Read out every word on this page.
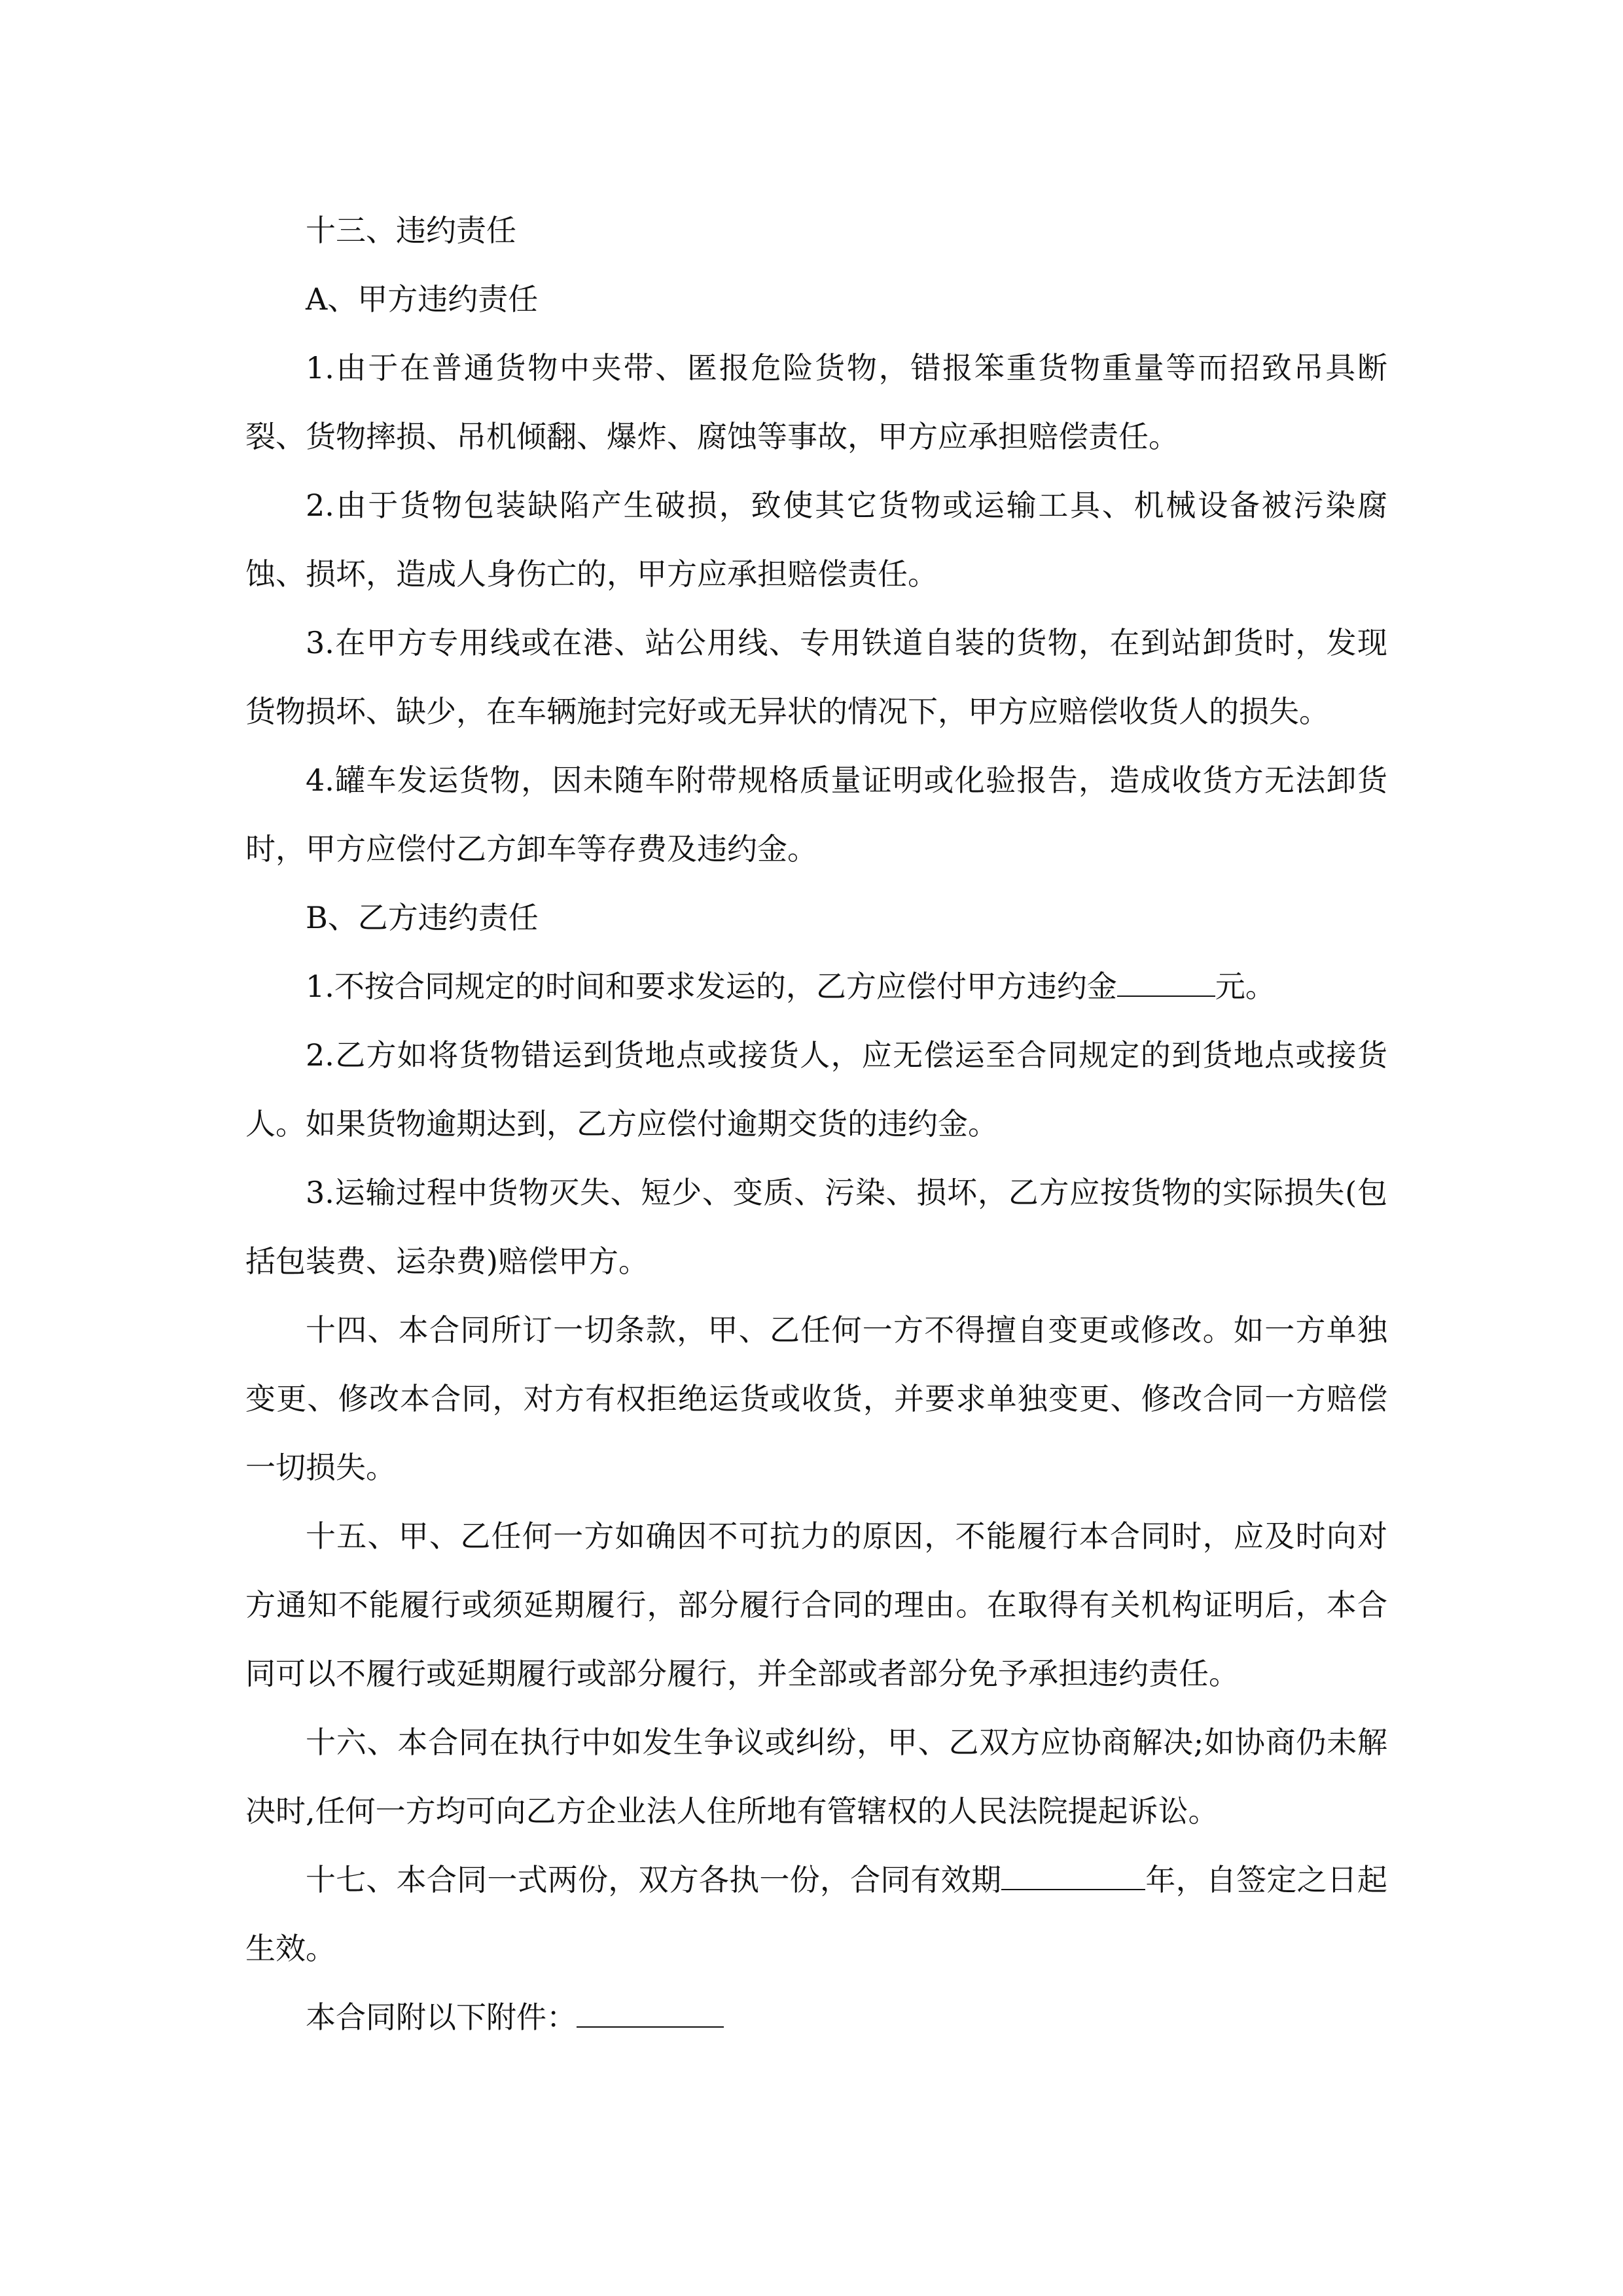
十三、违约责任

A、甲方违约责任

1.由于在普通货物中夹带、匿报危险货物，错报笨重货物重量等而招致吊具断裂、货物摔损、吊机倾翻、爆炸、腐蚀等事故，甲方应承担赔偿责任。

2.由于货物包装缺陷产生破损，致使其它货物或运输工具、机械设备被污染腐蚀、损坏，造成人身伤亡的，甲方应承担赔偿责任。

3.在甲方专用线或在港、站公用线、专用铁道自装的货物，在到站卸货时，发现货物损坏、缺少，在车辆施封完好或无异状的情况下，甲方应赔偿收货人的损失。

4.罐车发运货物，因未随车附带规格质量证明或化验报告，造成收货方无法卸货时，甲方应偿付乙方卸车等存费及违约金。

B、乙方违约责任

1.不按合同规定的时间和要求发运的，乙方应偿付甲方违约金	元。

2.乙方如将货物错运到货地点或接货人，应无偿运至合同规定的到货地点或接货人。如果货物逾期达到，乙方应偿付逾期交货的违约金。

3.运输过程中货物灭失、短少、变质、污染、损坏，乙方应按货物的实际损失(包括包装费、运杂费)赔偿甲方。

十四、本合同所订一切条款，甲、乙任何一方不得擅自变更或修改。如一方单独变更、修改本合同，对方有权拒绝运货或收货，并要求单独变更、修改合同一方赔偿一切损失。

十五、甲、乙任何一方如确因不可抗力的原因，不能履行本合同时，应及时向对方通知不能履行或须延期履行，部分履行合同的理由。在取得有关机构证明后，本合同可以不履行或延期履行或部分履行，并全部或者部分免予承担违约责任。

十六、本合同在执行中如发生争议或纠纷，甲、乙双方应协商解决;如协商仍未解决时,任何一方均可向乙方企业法人住所地有管辖权的人民法院提起诉讼。

十七、本合同一式两份，双方各执一份，合同有效期	年，自签定之日起生效。

本合同附以下附件：
